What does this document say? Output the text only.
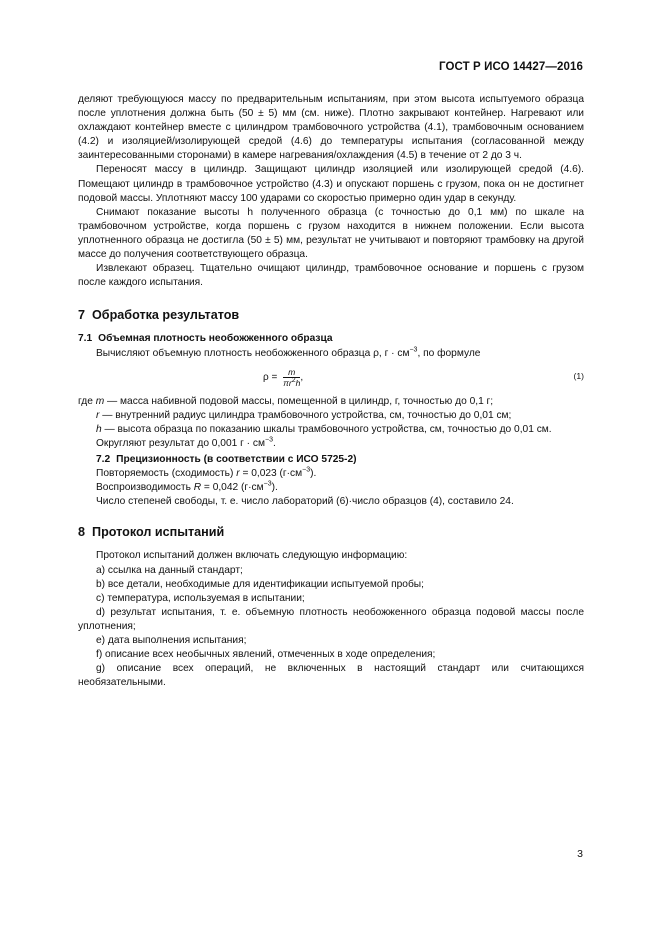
ГОСТ Р ИСО 14427—2016

деляют требующуюся массу по предварительным испытаниям, при этом высота испытуемого образца после уплотнения должна быть (50 ± 5) мм (см. ниже). Плотно закрывают контейнер. Нагревают или охлаждают контейнер вместе с цилиндром трамбовочного устройства (4.1), трамбовочным основанием (4.2) и изоляцией/изолирующей средой (4.6) до температуры испытания (согласованной между заинтересованными сторонами) в камере нагревания/охлаждения (4.5) в течение от 2 до 3 ч.

Переносят массу в цилиндр. Защищают цилиндр изоляцией или изолирующей средой (4.6). Помещают цилиндр в трамбовочное устройство (4.3) и опускают поршень с грузом, пока он не достигнет подовой массы. Уплотняют массу 100 ударами со скоростью примерно один удар в секунду.

Снимают показание высоты h полученного образца (с точностью до 0,1 мм) по шкале на трамбовочном устройстве, когда поршень с грузом находится в нижнем положении. Если высота уплотненного образца не достигла (50 ± 5) мм, результат не учитывают и повторяют трамбовку на другой массе до получения соответствующего образца.

Извлекают образец. Тщательно очищают цилиндр, трамбовочное основание и поршень с грузом после каждого испытания.

7 Обработка результатов
7.1 Объемная плотность необожженного образца

Вычисляют объемную плотность необожженного образца ρ, $г \cdot см^{-3}$, по формуле

$\rho = \frac{m}{\pi r^2h}$ ,	(1)

где m — масса набивной подовой массы, помещенной в цилиндр, г, точностью до 0,1 г;

r — внутренний радиус цилиндра трамбовочного устройства, см, точностью до 0,01 см;

h — высота образца по показанию шкалы трамбовочного устройства, см, точностью до 0,01 см.

Округляют результат до 0,001 $г \cdot см^{-3}$.

7.2 Прецизионность (в соответствии с ИСО 5725-2)

Повторяемость (сходимость) r = 0,023 $(г\cdot см^{-3})$.

Воспроизводимость R = 0,042 $(г\cdot см^{-3})$.

Число степеней свободы, т. е. число лабораторий (6)·число образцов (4), составило 24.

8 Протокол испытаний

Протокол испытаний должен включать следующую информацию:

а) ссылка на данный стандарт;

b) все детали, необходимые для идентификации испытуемой пробы;

с) температура, используемая в испытании;

d) результат испытания, т. е. объемную плотность необожженного образца подовой массы после уплотнения;

е) дата выполнения испытания;

f) описание всех необычных явлений, отмеченных в ходе определения;

g) описание всех операций, не включенных в настоящий стандарт или считающихся необязательными.

3
